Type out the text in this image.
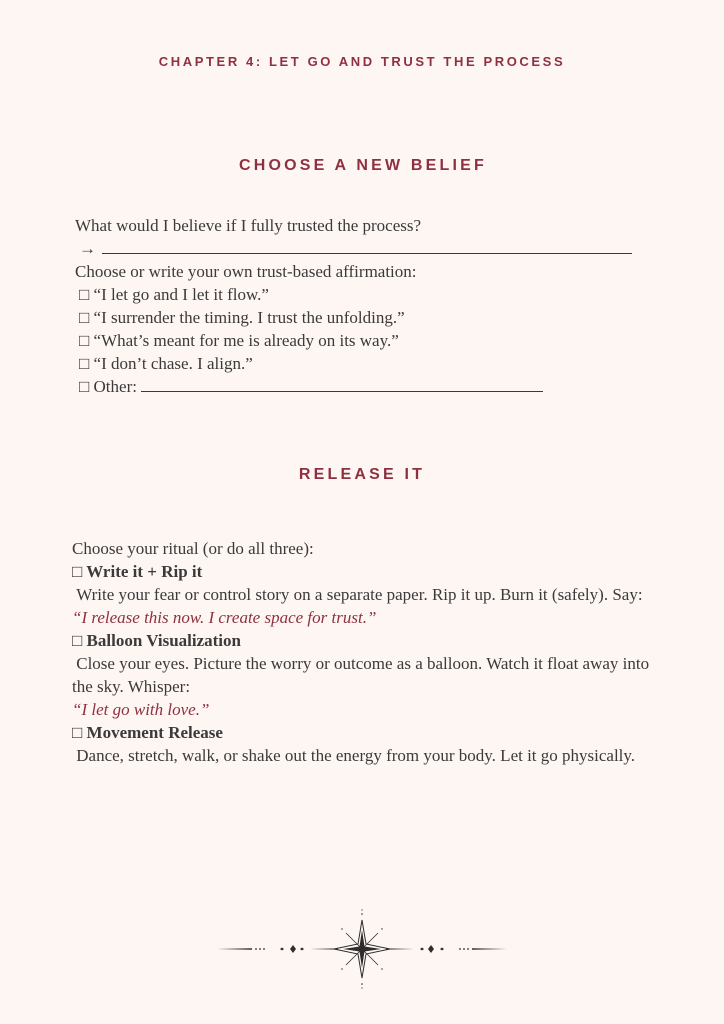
CHAPTER 4: LET GO AND TRUST THE PROCESS
CHOOSE A NEW BELIEF
What would I believe if I fully trusted the process?
→
Choose or write your own trust-based affirmation:
□ “I let go and I let it flow.”
□ “I surrender the timing. I trust the unfolding.”
□ “What’s meant for me is already on its way.”
□ “I don’t chase. I align.”
□ Other:
RELEASE IT
Choose your ritual (or do all three):
□ Write it + Rip it
Write your fear or control story on a separate paper. Rip it up. Burn it (safely). Say:
“I release this now. I create space for trust.”
□ Balloon Visualization
Close your eyes. Picture the worry or outcome as a balloon. Watch it float away into the sky. Whisper:
“I let go with love.”
□ Movement Release
Dance, stretch, walk, or shake out the energy from your body. Let it go physically.
